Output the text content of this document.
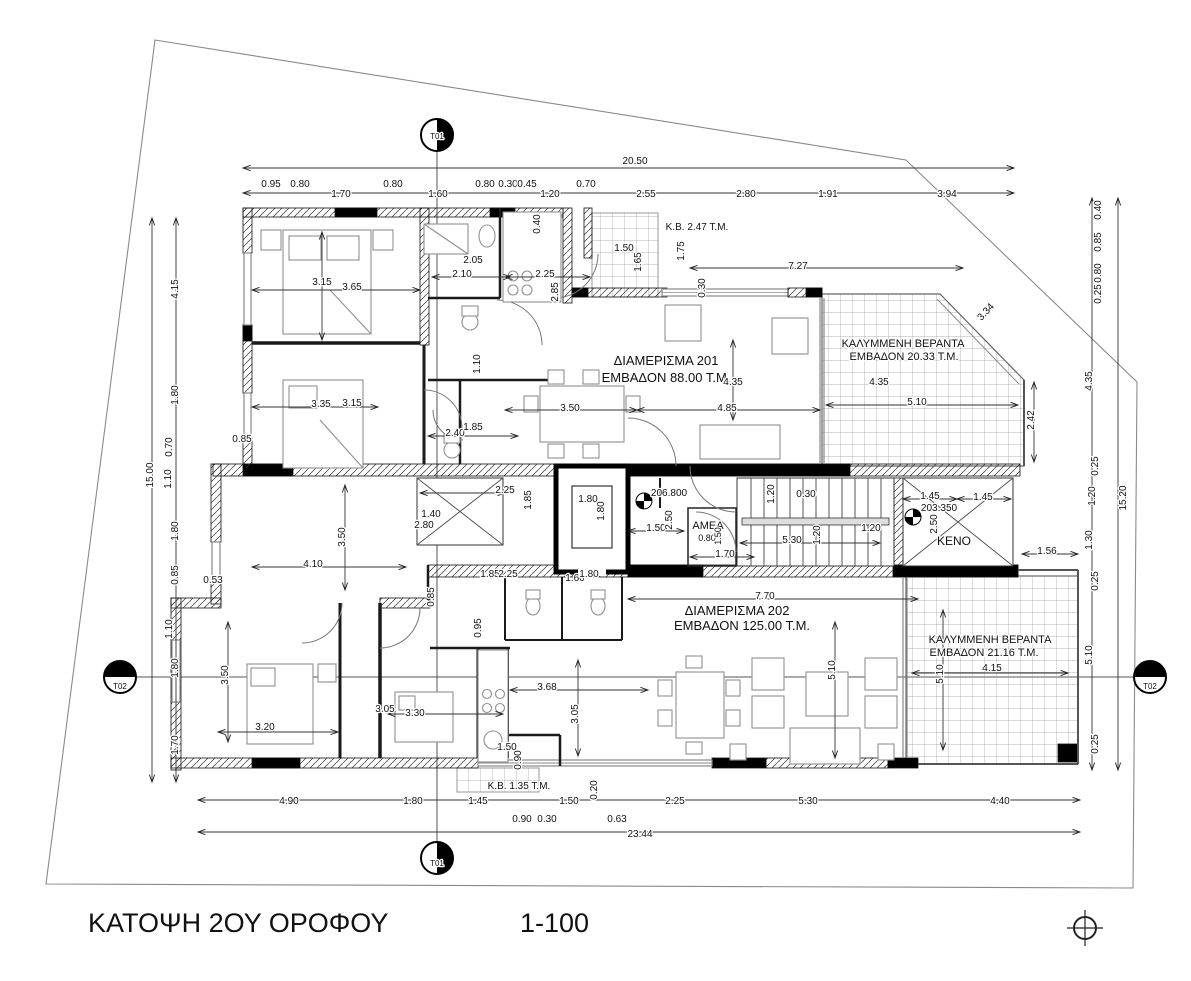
ΚΑΤΟΨΗ 2ΟΥ ΟΡΟΦΟΥ	1-100
20.50
0.95 0.80
1.70
0.80
1.60
0.80 0.30 0.45
1.20
0.70
2.55	2.80	1.91	3.94
15.00
4.15
1.80
0.70
1.10
1.80
0.85
1.10
1.80
1.70
15.20
0.40
0.85
0.80
0.25
4.35
0.25
1.20
1.30
0.25
5.10
0.25
4.90	1.80	1.45	1.50	2.25	5.30	4.40
0.90 0.30	0.63
23.44
Κ.Β. 1.35 Τ.Μ.	0.20
3.15 3.65
2.05
2.10	2.25
2.85
0.40
1.50
1.65
1.75
7.27
0.30
Κ.Β. 2.47 Τ.Μ.
ΔΙΑΜΕΡΙΣΜΑ 201
ΕΜΒΑΔΟΝ 88.00 Τ.Μ.
4.35
3.50	4.85
ΚΑΛΥΜΜΕΝΗ ΒΕΡΑΝΤΑ
ΕΜΒΑΔΟΝ 20.33 Τ.Μ.
4.35
5.10
2.42
3.34
3.35 3.15
2.40
1.85
0.85
1.10
3.50
4.10
0.53
1.40
2.80
2.25 1.85	1.80
1.80
206.800
1.50
2.50 ΑΜΕΑ
0.80
1.50
1.70
1.20 0.30
5.30 1.20	1.20
1.45	1.45
203.350
2.50
ΚΕΝΟ
1.56
1.85
2.25	1.60
1.80
0.85
0.95
7.70
ΔΙΑΜΕΡΙΣΜΑ 202
ΕΜΒΑΔΟΝ 125.00 Τ.Μ.
5.10
3.05
3.68
ΚΑΛΥΜΜΕΝΗ ΒΕΡΑΝΤΑ
ΕΜΒΑΔΟΝ 21.16 Τ.Μ.
5.10	4.15
3.50
3.20
3.05 3.30
1.50
0.90
T01
T01
T02	T02
